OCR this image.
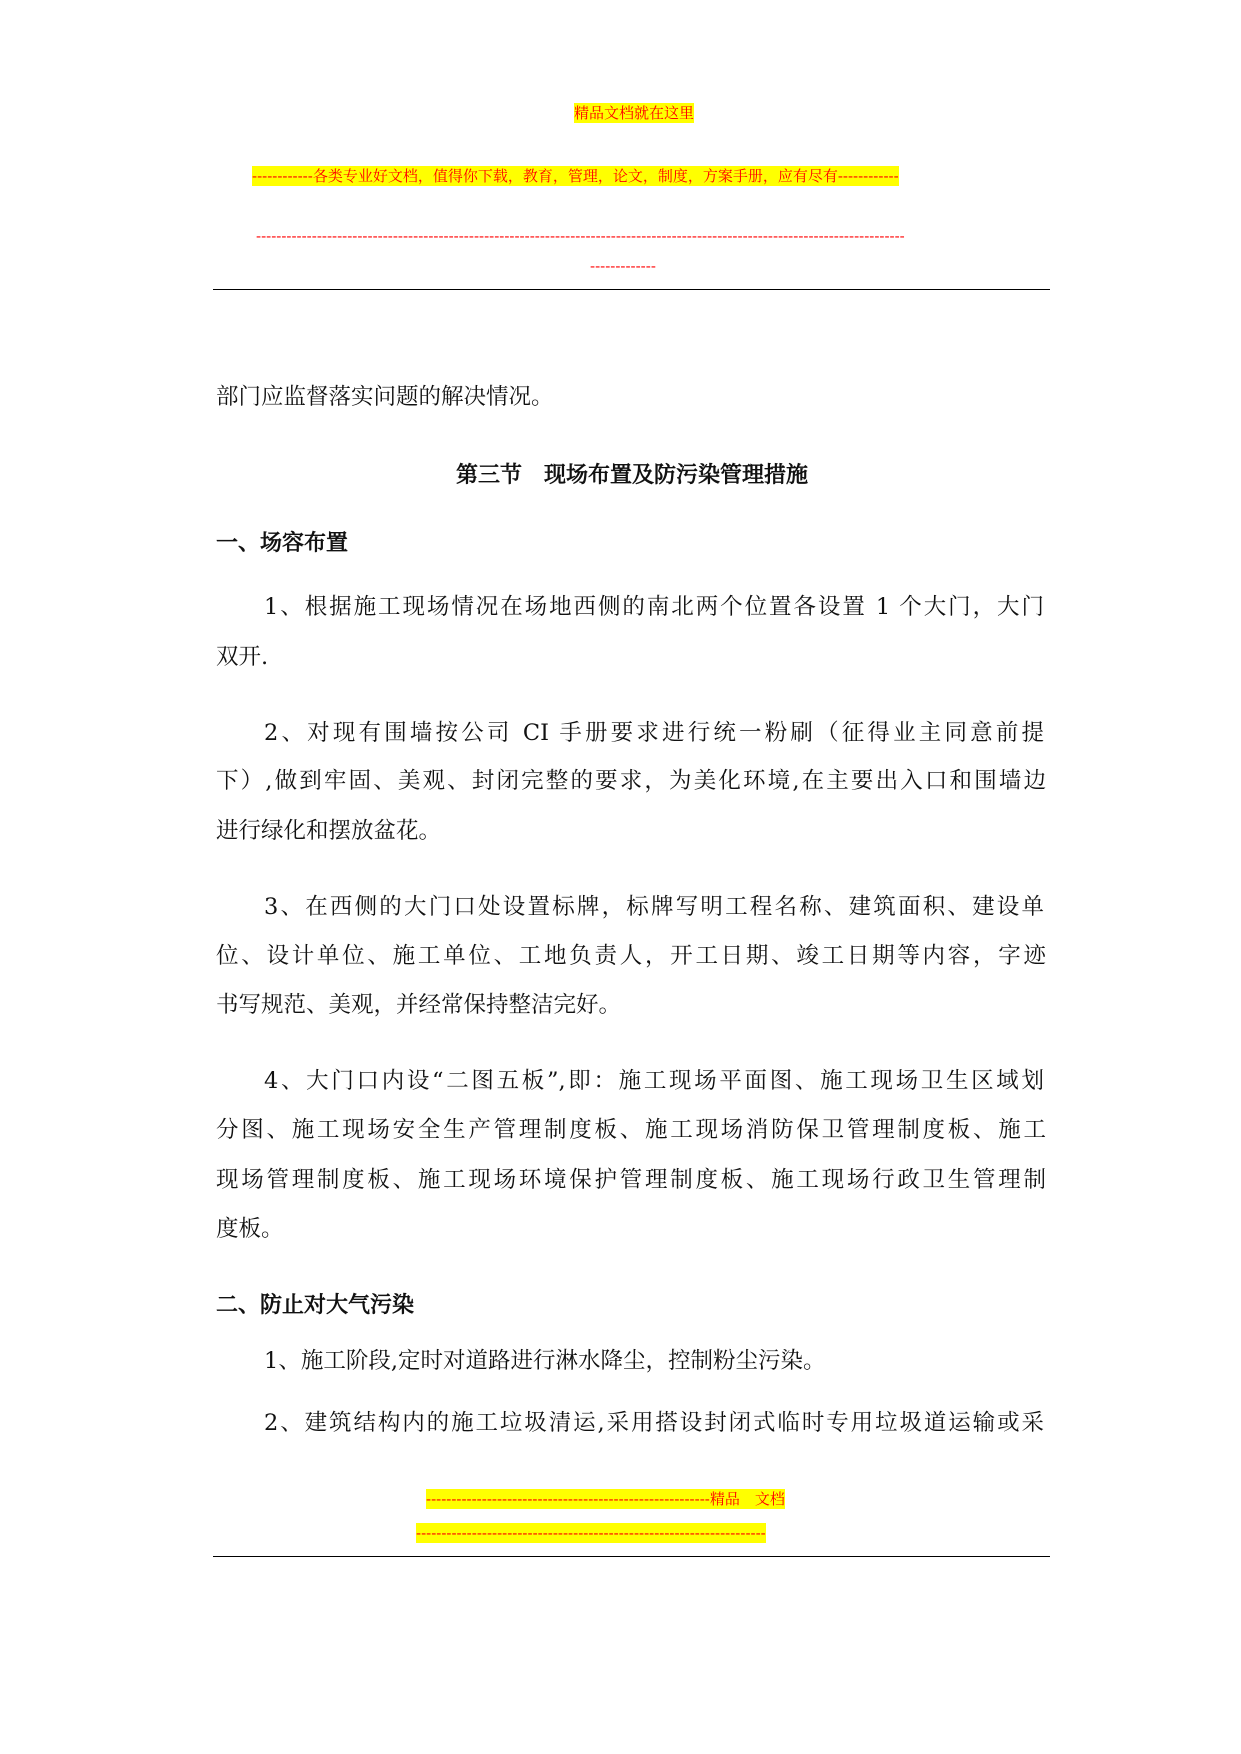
精品文档就在这里
------------各类专业好文档，值得你下载，教育，管理，论文，制度，方案手册，应有尽有------------
--------------------------------------------------------------------------------------------------------------------------------
-------------
部门应监督落实问题的解决情况。
第三节　现场布置及防污染管理措施
一、场容布置
1、根据施工现场情况在场地西侧的南北两个位置各设置 1 个大门，大门
双开.
2、对现有围墙按公司 CI 手册要求进行统一粉刷（征得业主同意前提
下）,做到牢固、美观、封闭完整的要求，为美化环境,在主要出入口和围墙边
进行绿化和摆放盆花。
3、在西侧的大门口处设置标牌，标牌写明工程名称、建筑面积、建设单
位、设计单位、施工单位、工地负责人，开工日期、竣工日期等内容，字迹
书写规范、美观，并经常保持整洁完好。
4、大门口内设“二图五板”,即：施工现场平面图、施工现场卫生区域划
分图、施工现场安全生产管理制度板、施工现场消防保卫管理制度板、施工
现场管理制度板、施工现场环境保护管理制度板、施工现场行政卫生管理制
度板。
二、防止对大气污染
1、施工阶段,定时对道路进行淋水降尘，控制粉尘污染。
2、建筑结构内的施工垃圾清运,采用搭设封闭式临时专用垃圾道运输或采
--------------------------------------------------------精品　文档
---------------------------------------------------------------------
